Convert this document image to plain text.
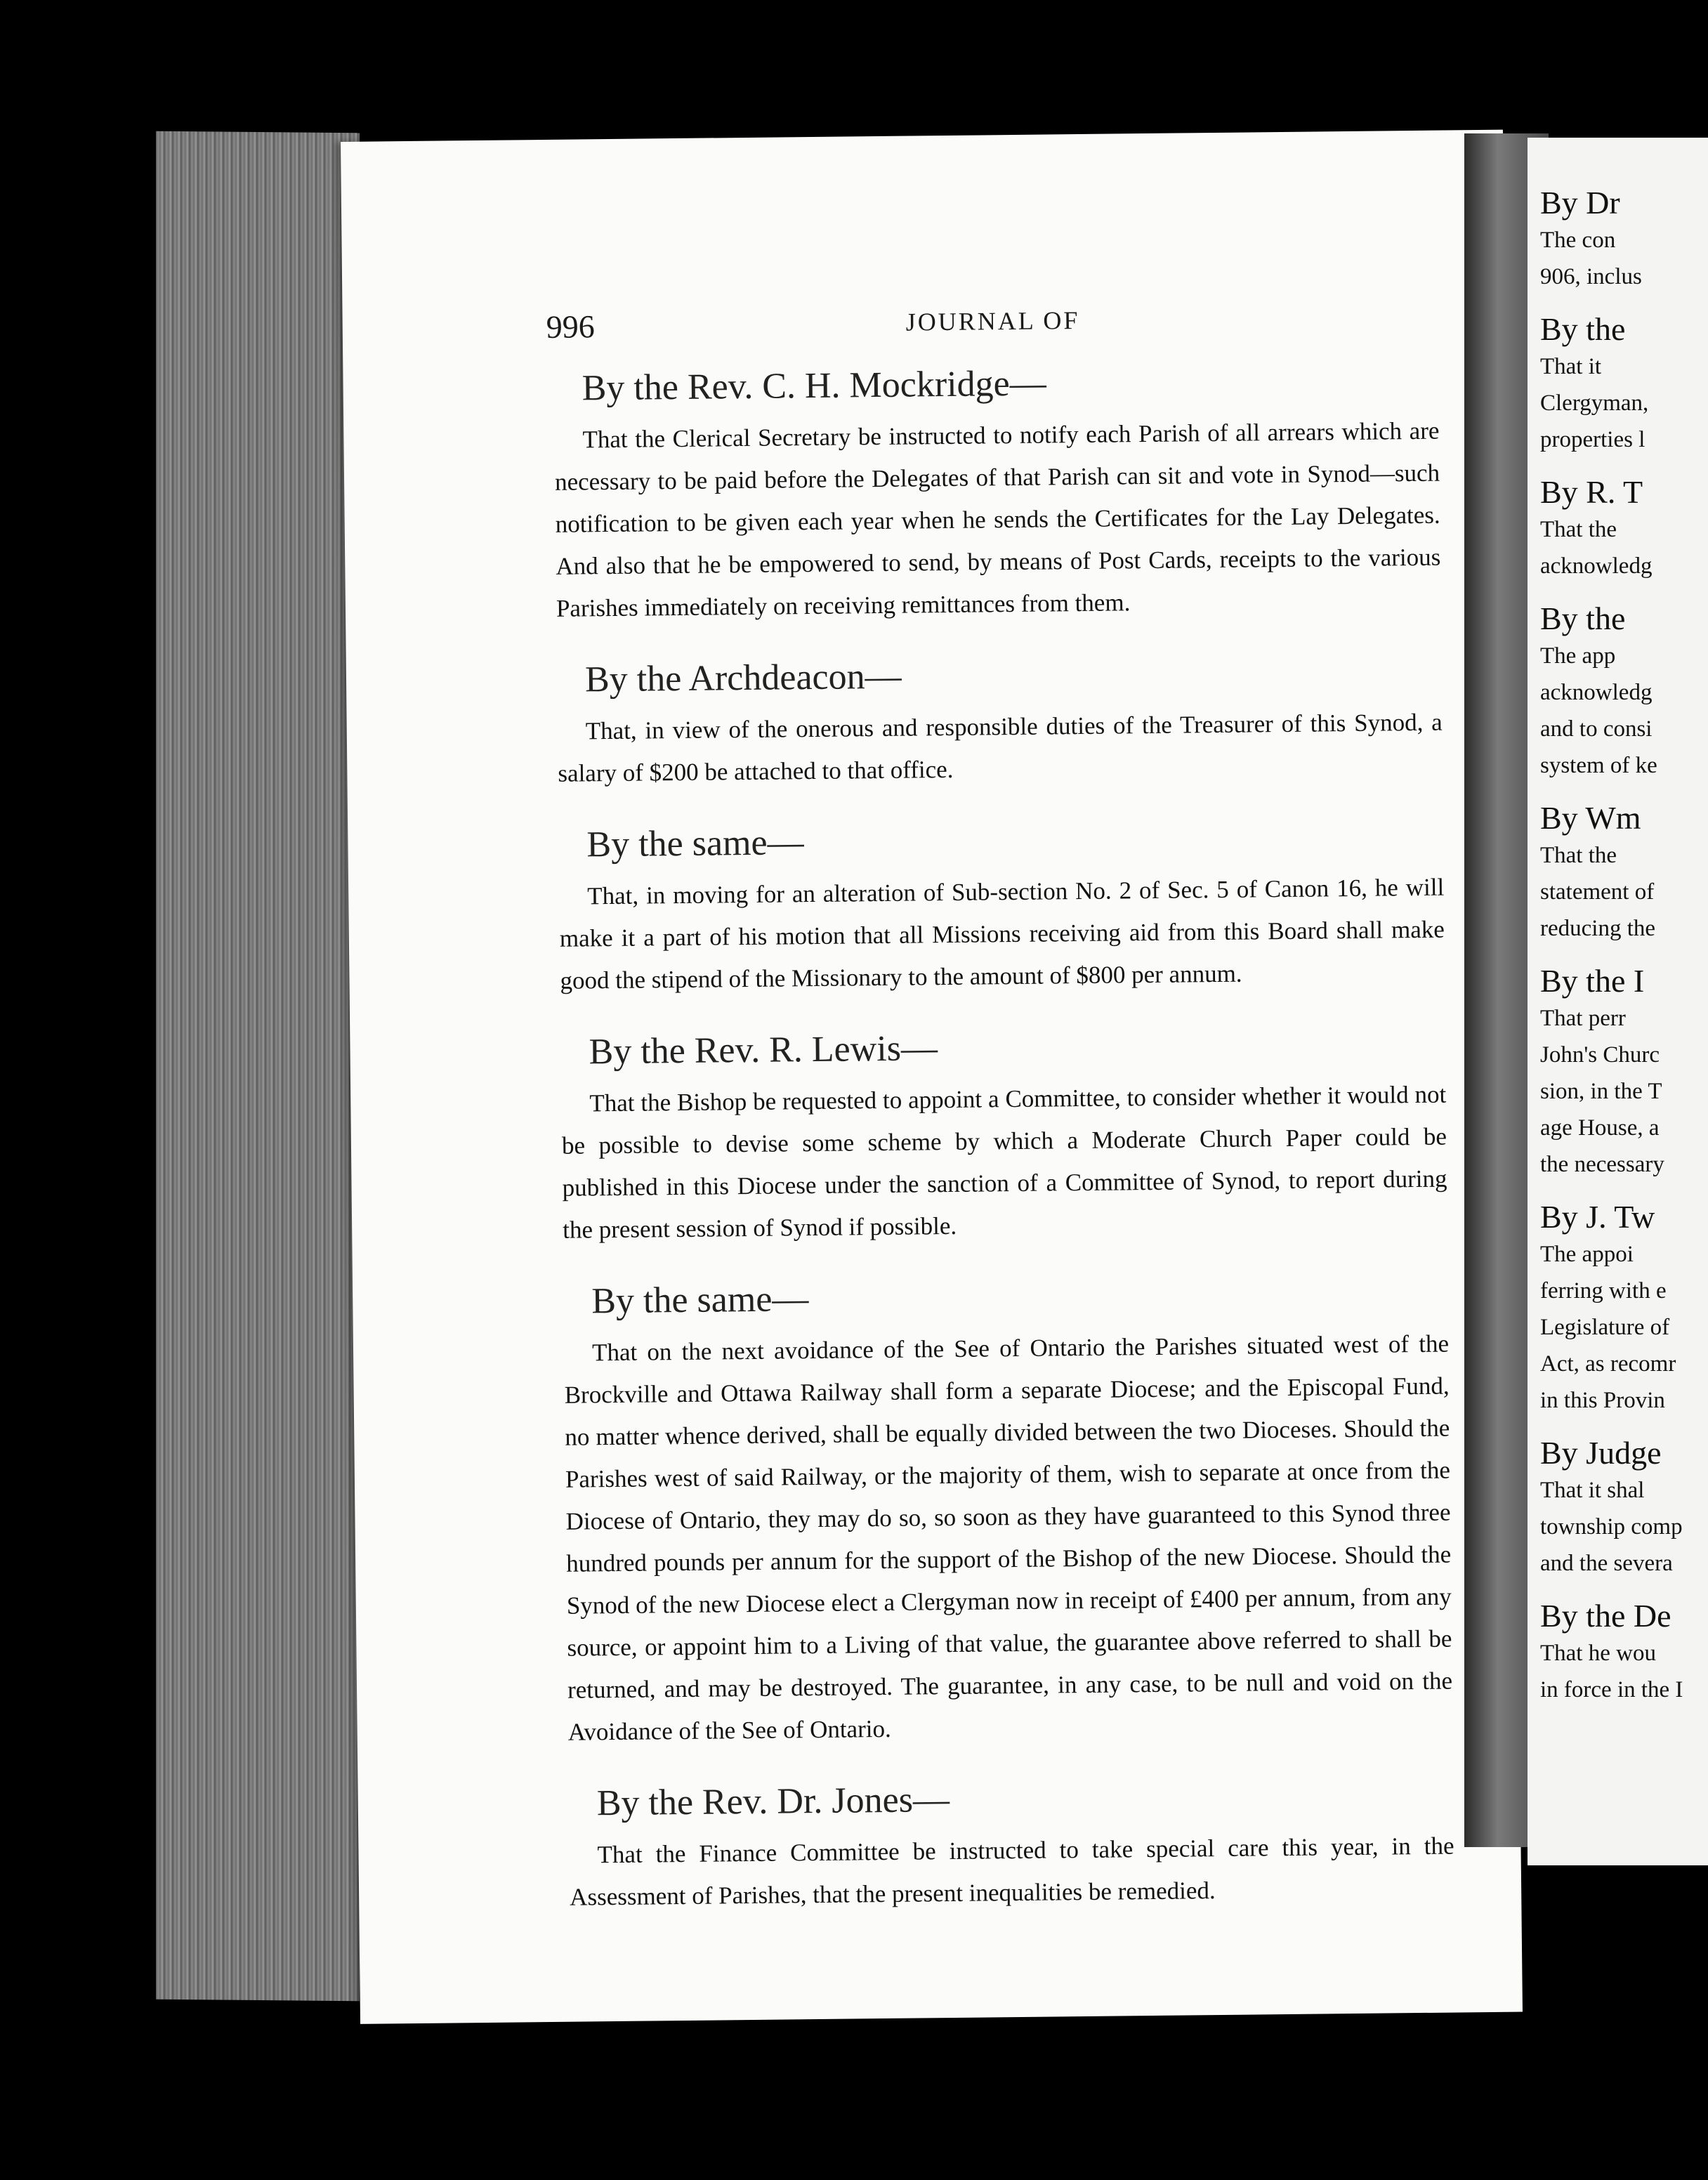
996	JOURNAL OF
By the Rev. C. H. Mockridge—

That the Clerical Secretary be instructed to notify each Parish of all arrears which are necessary to be paid before the Delegates of that Parish can sit and vote in Synod—such notification to be given each year when he sends the Certificates for the Lay Delegates. And also that he be empowered to send, by means of Post Cards, receipts to the various Parishes immediately on receiving remittances from them.

By the Archdeacon—

That, in view of the onerous and responsible duties of the Treasurer of this Synod, a salary of $200 be attached to that office.

By the same—

That, in moving for an alteration of Sub-section No. 2 of Sec. 5 of Canon 16, he will make it a part of his motion that all Missions receiving aid from this Board shall make good the stipend of the Missionary to the amount of $800 per annum.

By the Rev. R. Lewis—

That the Bishop be requested to appoint a Committee, to consider whether it would not be possible to devise some scheme by which a Moderate Church Paper could be published in this Diocese under the sanction of a Committee of Synod, to report during the present session of Synod if possible.

By the same—

That on the next avoidance of the See of Ontario the Parishes situated west of the Brockville and Ottawa Railway shall form a separate Diocese; and the Episcopal Fund, no matter whence derived, shall be equally divided between the two Dioceses. Should the Parishes west of said Railway, or the majority of them, wish to separate at once from the Diocese of Ontario, they may do so, so soon as they have guaranteed to this Synod three hundred pounds per annum for the support of the Bishop of the new Diocese. Should the Synod of the new Diocese elect a Clergyman now in receipt of £400 per annum, from any source, or appoint him to a Living of that value, the guarantee above referred to shall be returned, and may be destroyed. The guarantee, in any case, to be null and void on the Avoidance of the See of Ontario.

By the Rev. Dr. Jones—

That the Finance Committee be instructed to take special care this year, in the Assessment of Parishes, that the present inequalities be remedied.

By Dr
The con
906, inclus
By the
That it
Clergyman,
properties l
By R. T
That the
acknowledg
By the
The app
acknowledg
and to consi
system of ke
By Wm
That the
statement of
reducing the
By the I
That perr
John's Churc
sion, in the T
age House, a
the necessary
By J. Tw
The appoi
ferring with e
Legislature of
Act, as recomr
in this Provin
By Judge
That it shal
township comp
and the severa
By the De
That he wou
in force in the I
